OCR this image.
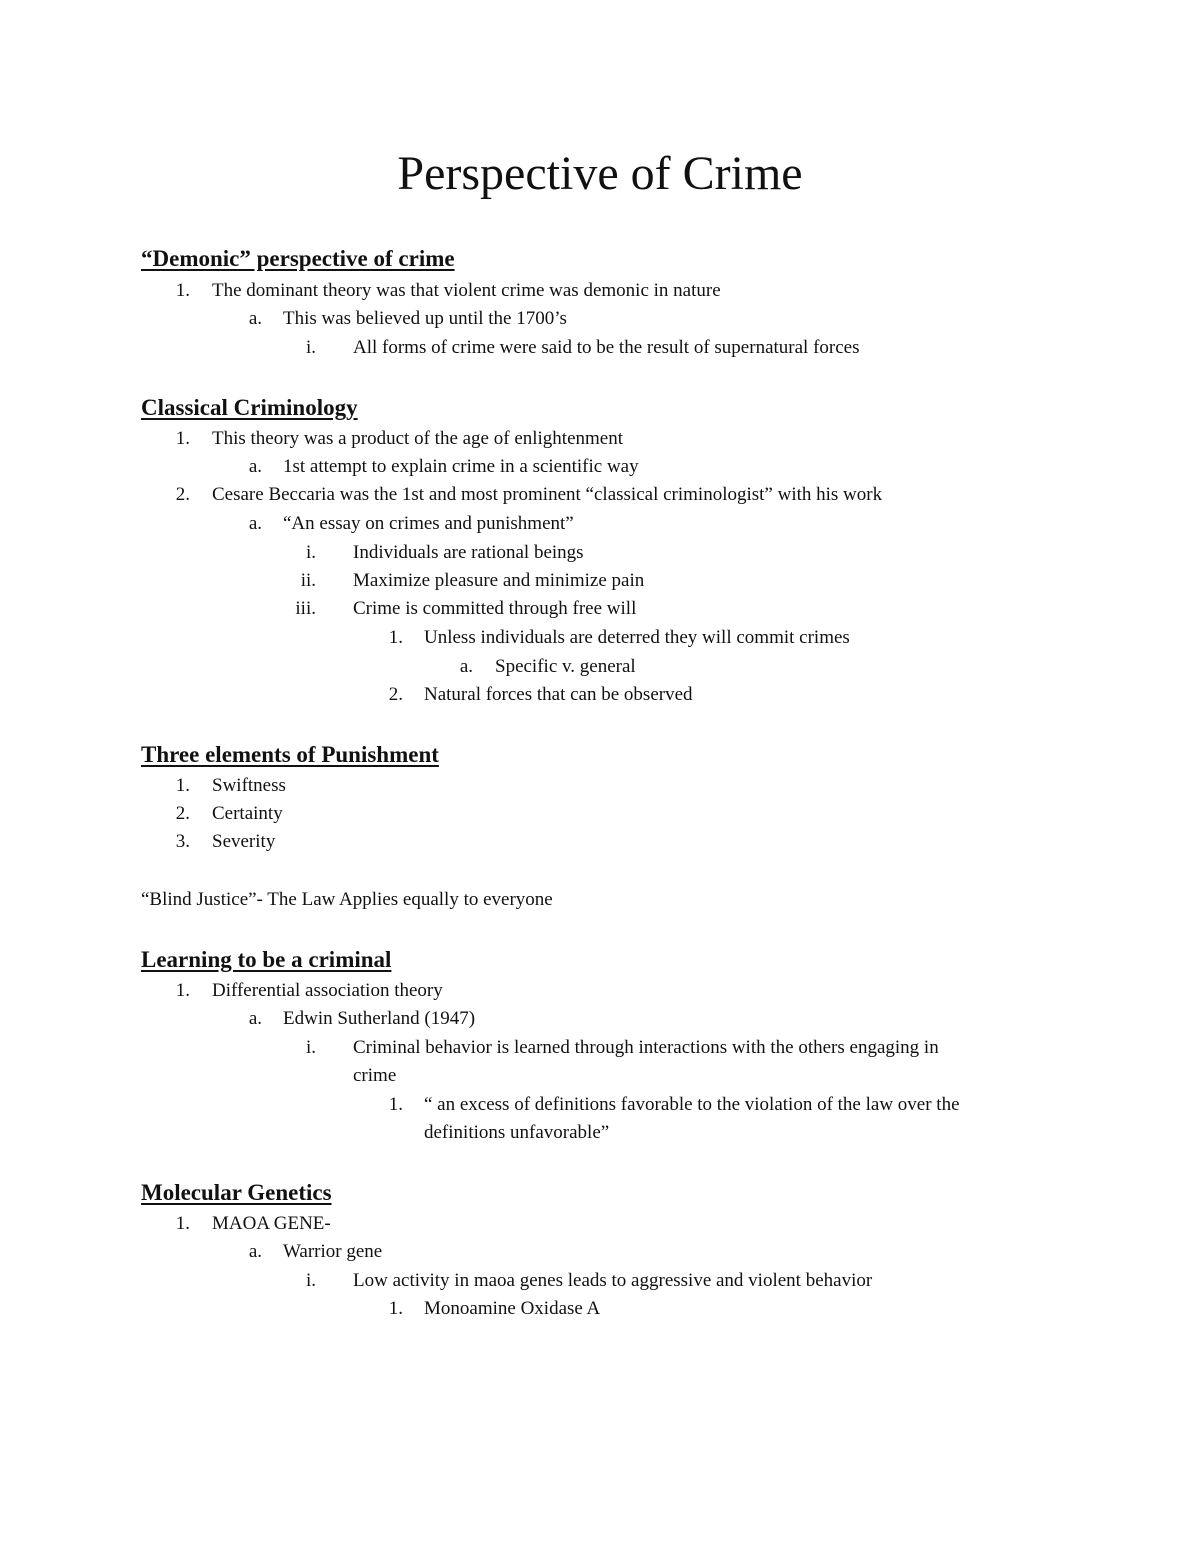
Perspective of Crime
“Demonic” perspective of crime
1. The dominant theory was that violent crime was demonic in nature
a. This was believed up until the 1700’s
i. All forms of crime were said to be the result of supernatural forces
Classical Criminology
1. This theory was a product of the age of enlightenment
a. 1st attempt to explain crime in a scientific way
2. Cesare Beccaria was the 1st and most prominent “classical criminologist” with his work
a. “An essay on crimes and punishment”
i. Individuals are rational beings
ii. Maximize pleasure and minimize pain
iii. Crime is committed through free will
1. Unless individuals are deterred they will commit crimes
a. Specific v. general
2. Natural forces that can be observed
Three elements of Punishment
1. Swiftness
2. Certainty
3. Severity
“Blind Justice”- The Law Applies equally to everyone
Learning to be a criminal
1. Differential association theory
a. Edwin Sutherland (1947)
i. Criminal behavior is learned through interactions with the others engaging in
crime
1. “ an excess of definitions favorable to the violation of the law over the
definitions unfavorable”
Molecular Genetics
1. MAOA GENE-
a. Warrior gene
i. Low activity in maoa genes leads to aggressive and violent behavior
1. Monoamine Oxidase A
